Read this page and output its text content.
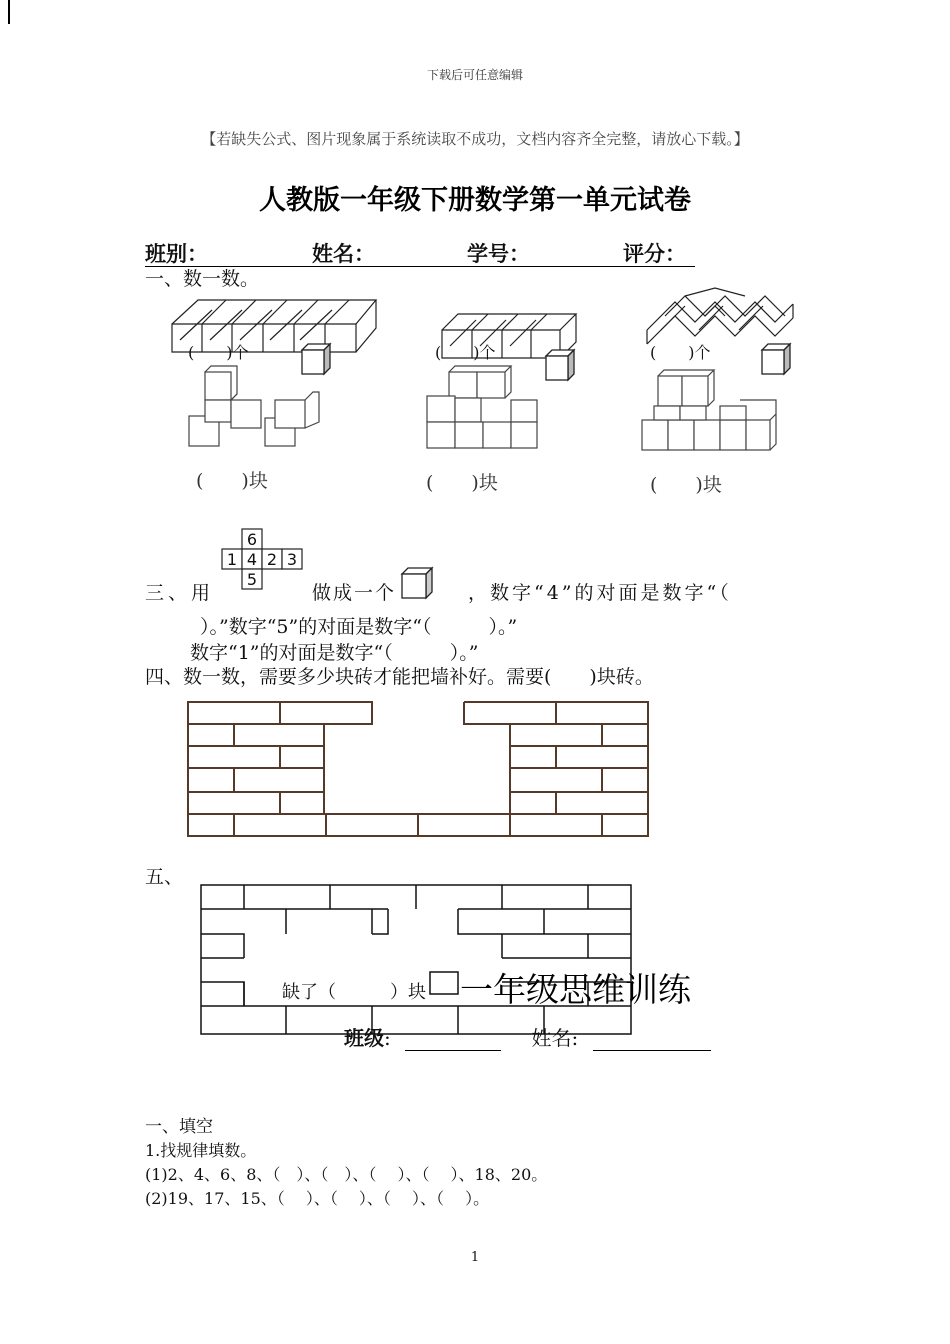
下载后可任意编辑
【若缺失公式、图片现象属于系统读取不成功，文档内容齐全完整，请放心下载。】
人教版一年级下册数学第一单元试卷
班别：	姓名：	学号：	评分：
一、数一数。
(　　)个	(　　)个	(　　)个
(　　)块	(　　)块	(　　)块
6
1 4 2 3
5
三、用	做成一个	，数字“4”的对面是数字“（
）。”数字“5”的对面是数字“（　　　）。”
数字“1”的对面是数字“（　　　）。”
四、数一数，需要多少块砖才能把墙补好。需要(　　)块砖。
五、
缺了（　　　）块 一年级思维训练
班级:	姓名:
一、填空
1.找规律填数。
(1)2、4、6、8、（　）、（　）、（　 ）、（　 ）、18、20。
(2)19、17、15、（　 ）、（　 ）、（　 ）、（　 ）。
1
